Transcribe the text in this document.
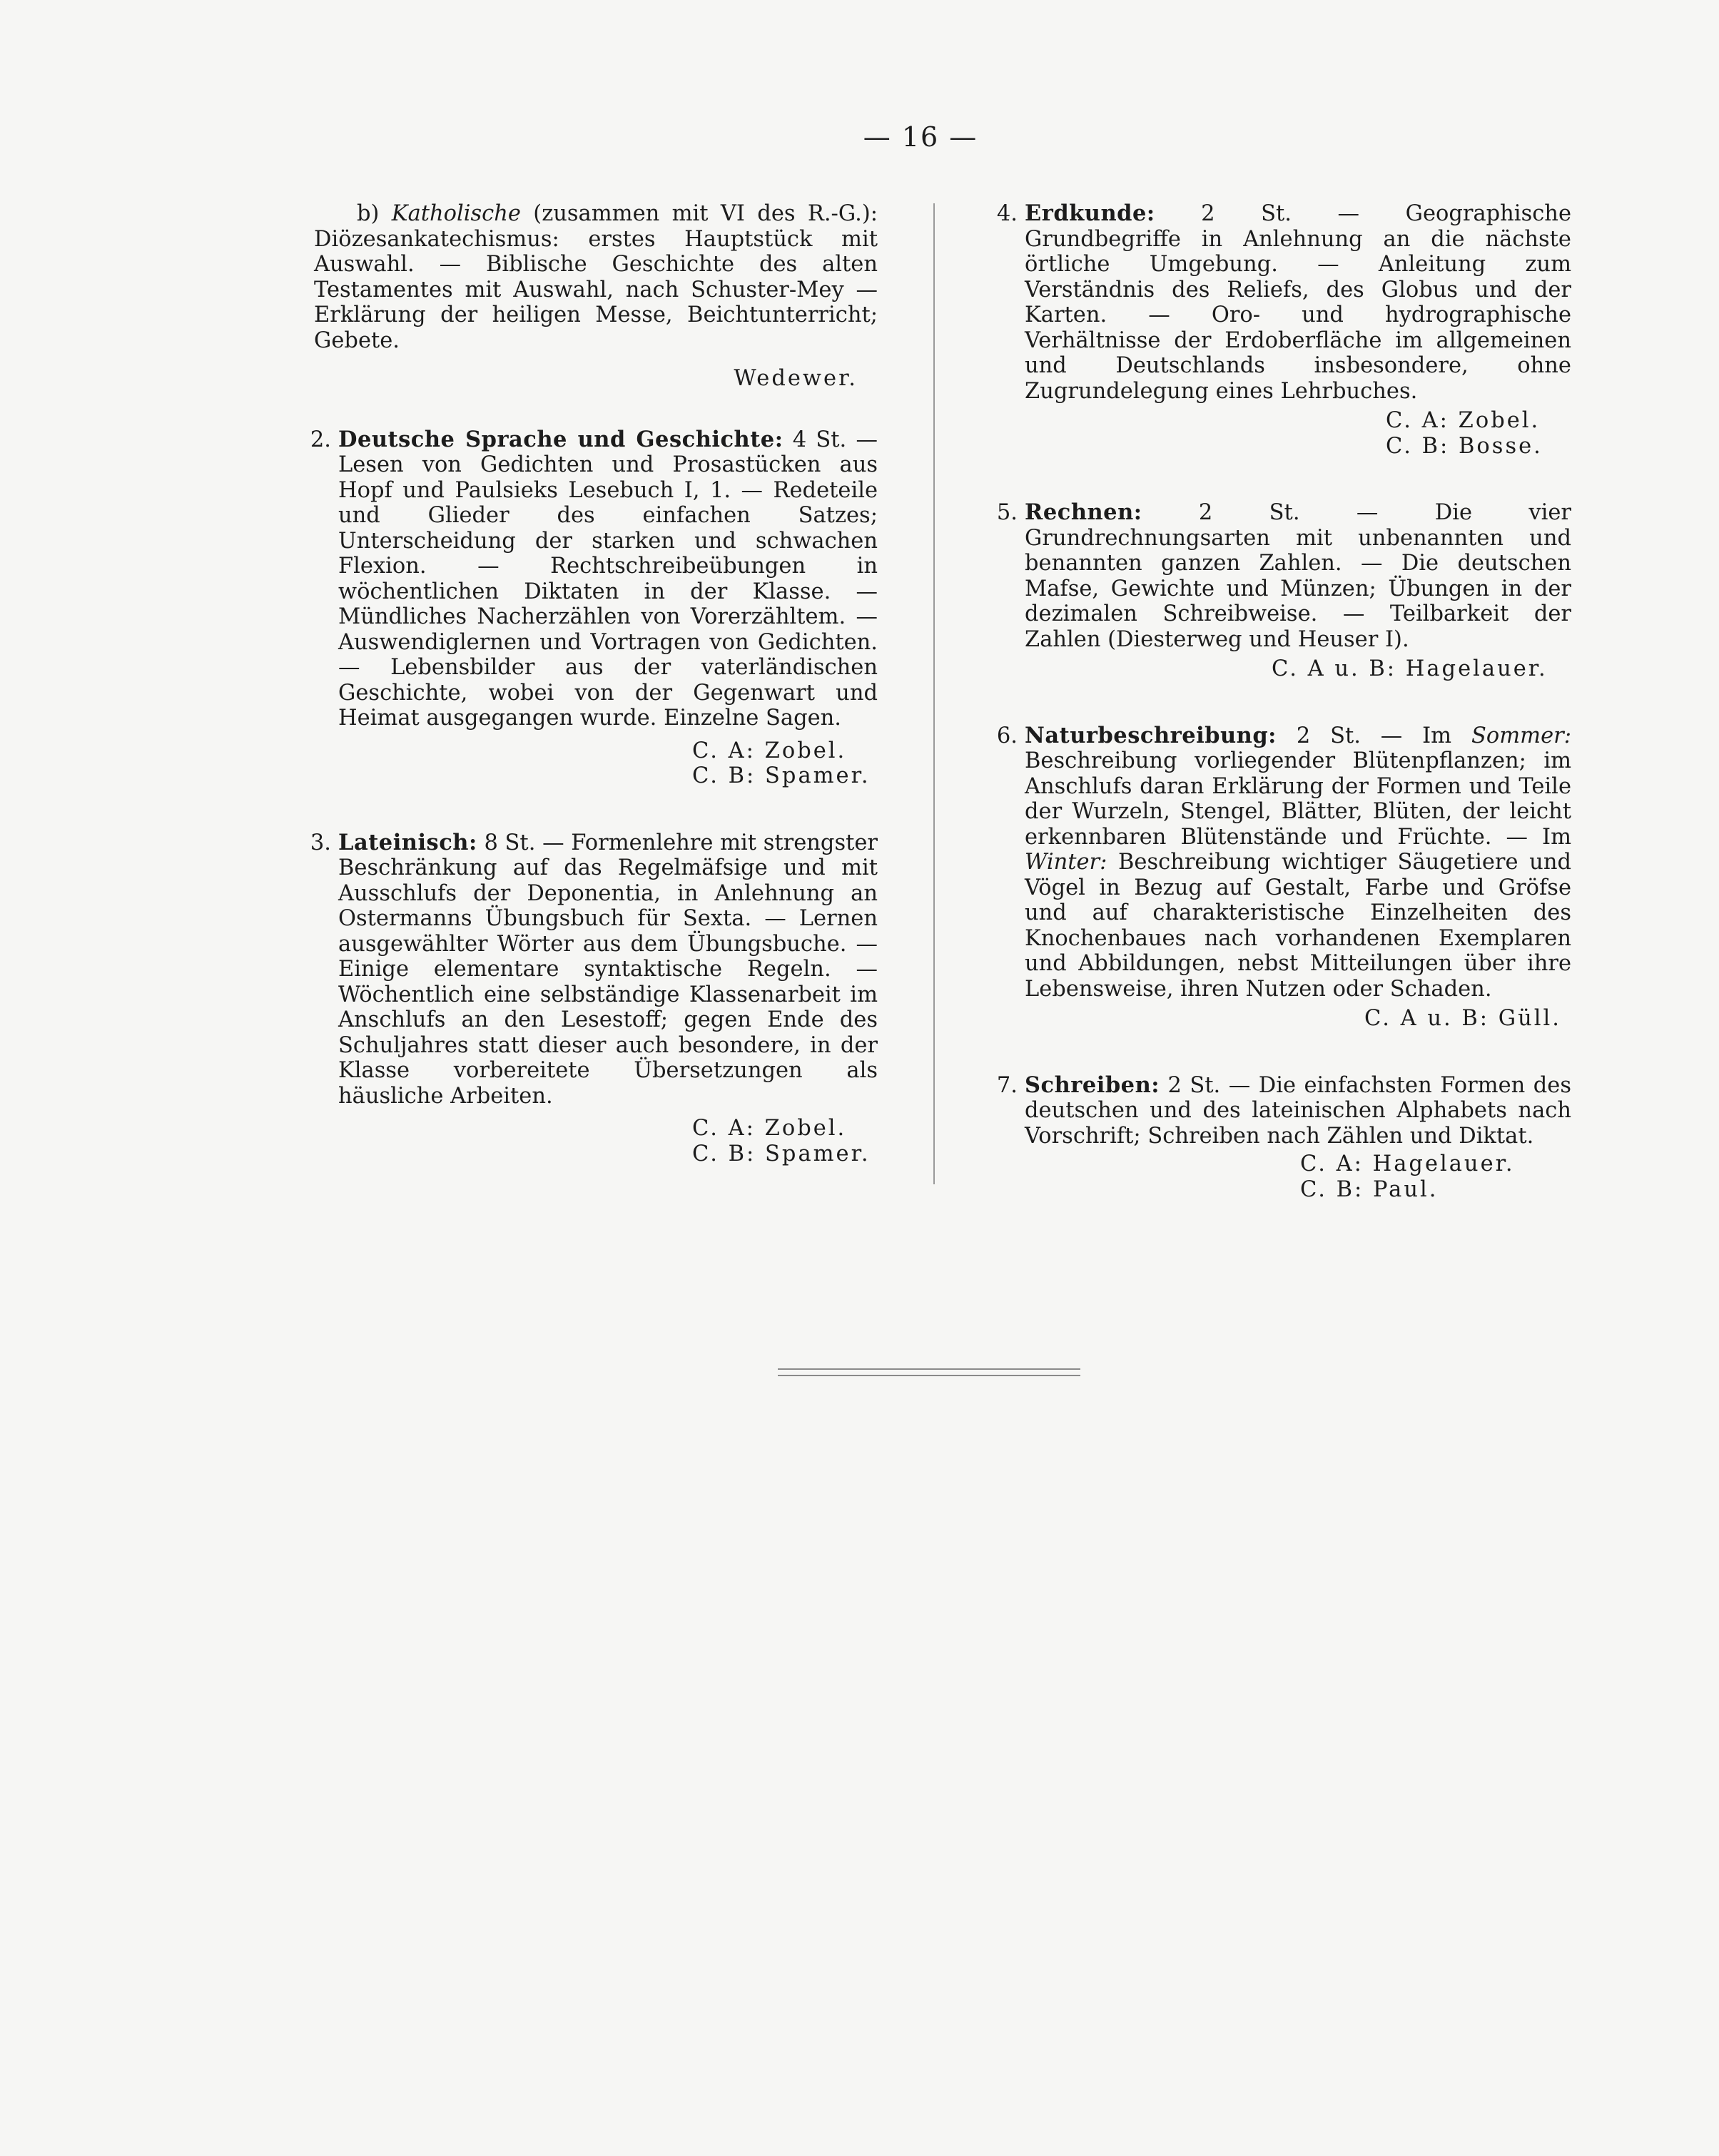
— 16 —
b) Katholische (zusammen mit VI des R.-G.): Diözesankatechismus: erstes Hauptstück mit Auswahl. — Biblische Geschichte des alten Testamentes mit Auswahl, nach Schuster-Mey — Erklärung der heiligen Messe, Beichtunterricht; Gebete.
Wedewer.
2. Deutsche Sprache und Geschichte: 4 St. — Lesen von Gedichten und Prosastücken aus Hopf und Paulsieks Lesebuch I, 1. — Redeteile und Glieder des einfachen Satzes; Unterscheidung der starken und schwachen Flexion. — Rechtschreibeübungen in wöchentlichen Diktaten in der Klasse. — Mündliches Nacherzählen von Vorerzähltem. — Auswendiglernen und Vortragen von Gedichten. — Lebensbilder aus der vaterländischen Geschichte, wobei von der Gegenwart und Heimat ausgegangen wurde. Einzelne Sagen.
C. A: Zobel.
C. B: Spamer.
3. Lateinisch: 8 St. — Formenlehre mit strengster Beschränkung auf das Regelmäfsige und mit Ausschlufs der Deponentia, in Anlehnung an Ostermanns Übungsbuch für Sexta. — Lernen ausgewählter Wörter aus dem Übungsbuche. — Einige elementare syntaktische Regeln. — Wöchentlich eine selbständige Klassenarbeit im Anschlufs an den Lesestoff; gegen Ende des Schuljahres statt dieser auch besondere, in der Klasse vorbereitete Übersetzungen als häusliche Arbeiten.
C. A: Zobel.
C. B: Spamer.
4. Erdkunde: 2 St. — Geographische Grundbegriffe in Anlehnung an die nächste örtliche Umgebung. — Anleitung zum Verständnis des Reliefs, des Globus und der Karten. — Oro- und hydrographische Verhältnisse der Erdoberfläche im allgemeinen und Deutschlands insbesondere, ohne Zugrundelegung eines Lehrbuches.
C. A: Zobel.
C. B: Bosse.
5. Rechnen:	2 St.	— Die vier Grundrechnungsarten mit unbenannten und benannten ganzen Zahlen. — Die deutschen Mafse, Gewichte und Münzen; Übungen in der dezimalen Schreibweise. — Teilbarkeit der Zahlen (Diesterweg und Heuser I).
C. A u. B: Hagelauer.
6. Naturbeschreibung: 2 St. — Im Sommer: Beschreibung vorliegender Blütenpflanzen; im Anschlufs daran Erklärung der Formen und Teile der Wurzeln, Stengel, Blätter, Blüten, der leicht erkennbaren Blütenstände und Früchte. — Im Winter: Beschreibung wichtiger Säugetiere und Vögel in Bezug auf Gestalt, Farbe und Gröfse und auf charakteristische Einzelheiten des Knochenbaues nach vorhandenen Exemplaren und Abbildungen, nebst Mitteilungen über ihre Lebensweise, ihren Nutzen oder Schaden.
C. A u. B: Güll.
7. Schreiben: 2 St. — Die einfachsten Formen des deutschen und des lateinischen Alphabets nach Vorschrift; Schreiben nach Zählen und Diktat.
C. A: Hagelauer.
C. B: Paul.
